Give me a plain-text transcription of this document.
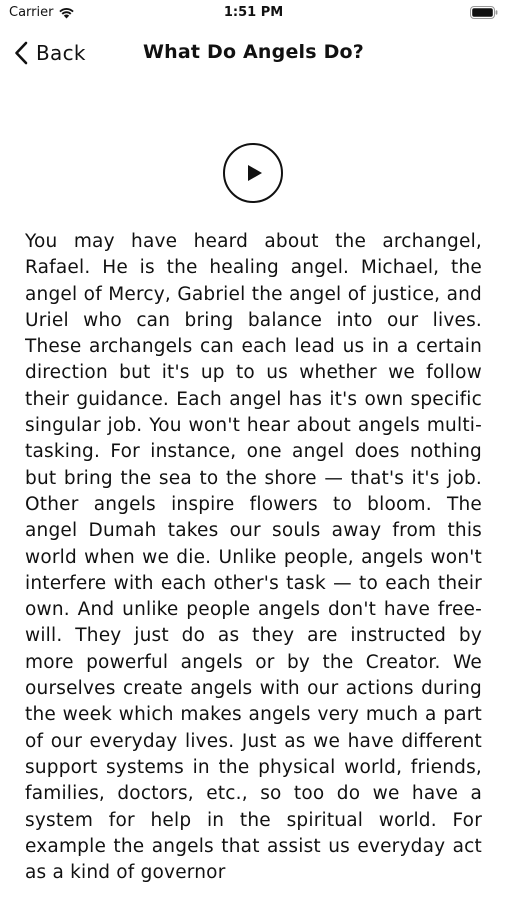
Carrier	1:51 PM
Back	What Do Angels Do?

You may have heard about the archangel, Rafael. He is the healing angel. Michael, the angel of Mercy, Gabriel the angel of justice, and Uriel who can bring balance into our lives. These archangels can each lead us in a certain direction but it's up to us whether we follow their guidance. Each angel has it's own specific singular job. You won't hear about angels multi-tasking. For instance, one angel does nothing but bring the sea to the shore — that's it's job. Other angels inspire flowers to bloom. The angel Dumah takes our souls away from this world when we die. Unlike people, angels won't interfere with each other's task — to each their own. And unlike people angels don't have free-will. They just do as they are instructed by more powerful angels or by the Creator. We ourselves create angels with our actions during the week which makes angels very much a part of our everyday lives. Just as we have different support systems in the physical world, friends, families, doctors, etc., so too do we have a system for help in the spiritual world. For example the angels that assist us everyday act as a kind of governor
